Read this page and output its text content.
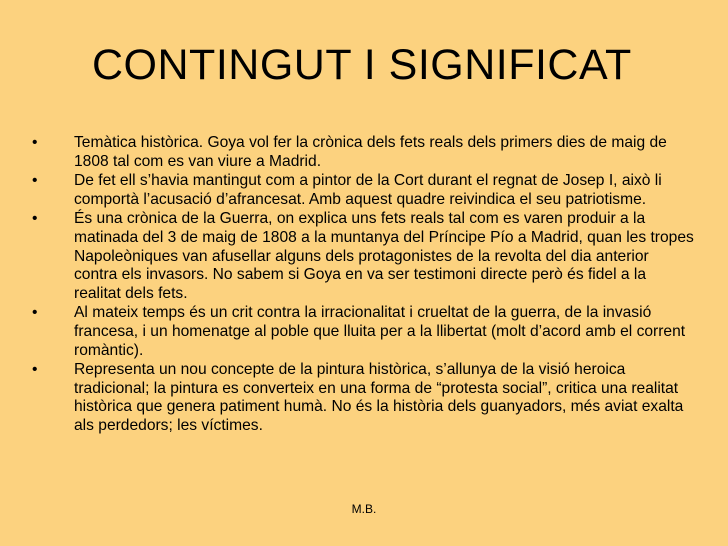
CONTINGUT I SIGNIFICAT
•	Temàtica històrica. Goya vol fer la crònica dels fets reals dels primers dies de maig de 1808 tal com es van viure a Madrid.
•	De fet ell s’havia mantingut com a pintor de la Cort durant el regnat de Josep I, això li comportà l’acusació d’afrancesat. Amb aquest quadre reivindica el seu patriotisme.
•	És una crònica de la Guerra, on explica uns fets reals tal com es varen produir a la matinada del 3 de maig de 1808 a la muntanya del Príncipe Pío a Madrid, quan les tropes Napoleòniques van afusellar alguns dels protagonistes de la revolta del dia anterior contra els invasors. No sabem si Goya en va ser testimoni directe però és fidel a la realitat dels fets.
•	Al mateix temps és un crit contra la irracionalitat i crueltat de la guerra, de la invasió francesa, i un homenatge al poble que lluita per a la llibertat (molt d’acord amb el corrent romàntic).
•	Representa un nou concepte de la pintura històrica, s’allunya de la visió heroica tradicional; la pintura es converteix en una forma de “protesta social”, critica una realitat històrica que genera patiment humà. No és la història dels guanyadors, més aviat exalta als perdedors; les víctimes.
M.B.
